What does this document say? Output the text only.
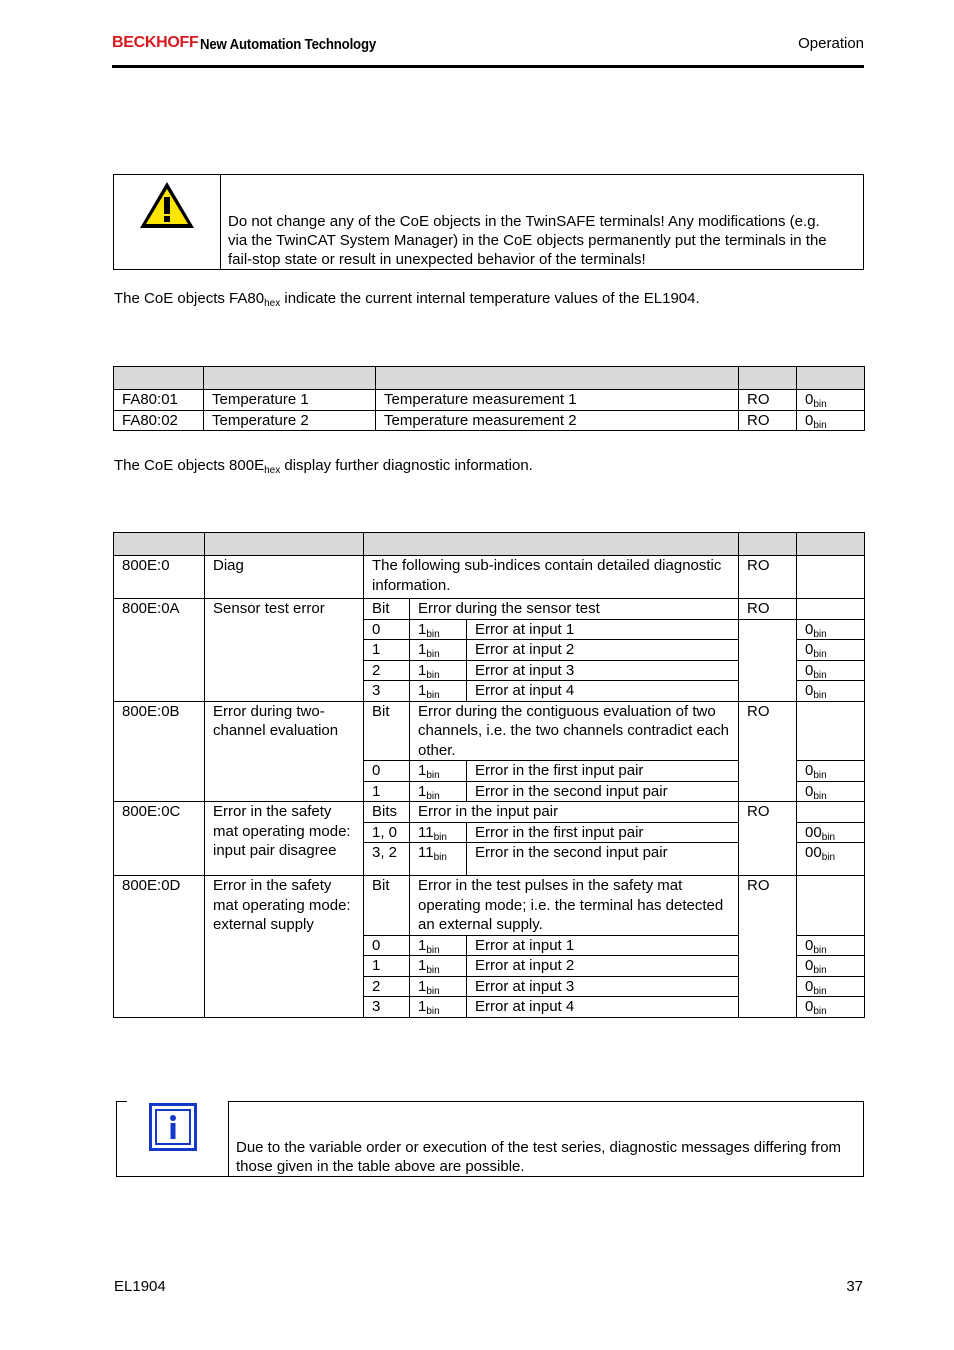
BECKHOFF New Automation Technology	Operation
Do not change any of the CoE objects in the TwinSAFE terminals! Any modifications (e.g. via the TwinCAT System Manager) in the CoE objects permanently put the terminals in the fail-stop state or result in unexpected behavior of the terminals!
The CoE objects $FA80_{hex}$ indicate the current internal temperature values of the EL1904.

FA80:01	Temperature 1	Temperature measurement 1	RO	$0_{bin}$
FA80:02	Temperature 2	Temperature measurement 2	RO	$0_{bin}$
The CoE objects $800E_{hex}$ display further diagnostic information.

800E:0	Diag	The following sub-indices contain detailed diagnostic information.			RO	
800E:0A	Sensor test error	Bit	Error during the sensor test		RO	
		0	$1_{bin}$	Error at input 1		$0_{bin}$
		1	$1_{bin}$	Error at input 2		$0_{bin}$
		2	$1_{bin}$	Error at input 3		$0_{bin}$
		3	$1_{bin}$	Error at input 4		$0_{bin}$
800E:0B	Error during two-channel evaluation	Bit	Error during the contiguous evaluation of two channels, i.e. the two channels contradict each other.		RO	
		0	$1_{bin}$	Error in the first input pair		$0_{bin}$
		1	$1_{bin}$	Error in the second input pair		$0_{bin}$
800E:0C	Error in the safety mat operating mode: input pair disagree	Bits	Error in the input pair		RO	
		1, 0	$11_{bin}$	Error in the first input pair		$00_{bin}$
		3, 2	$11_{bin}$	Error in the second input pair		$00_{bin}$
800E:0D	Error in the safety mat operating mode: external supply	Bit	Error in the test pulses in the safety mat operating mode; i.e. the terminal has detected an external supply.		RO	
		0	$1_{bin}$	Error at input 1		$0_{bin}$
		1	$1_{bin}$	Error at input 2		$0_{bin}$
		2	$1_{bin}$	Error at input 3		$0_{bin}$
		3	$1_{bin}$	Error at input 4		$0_{bin}$
Due to the variable order or execution of the test series, diagnostic messages differing from those given in the table above are possible.
EL1904	37
